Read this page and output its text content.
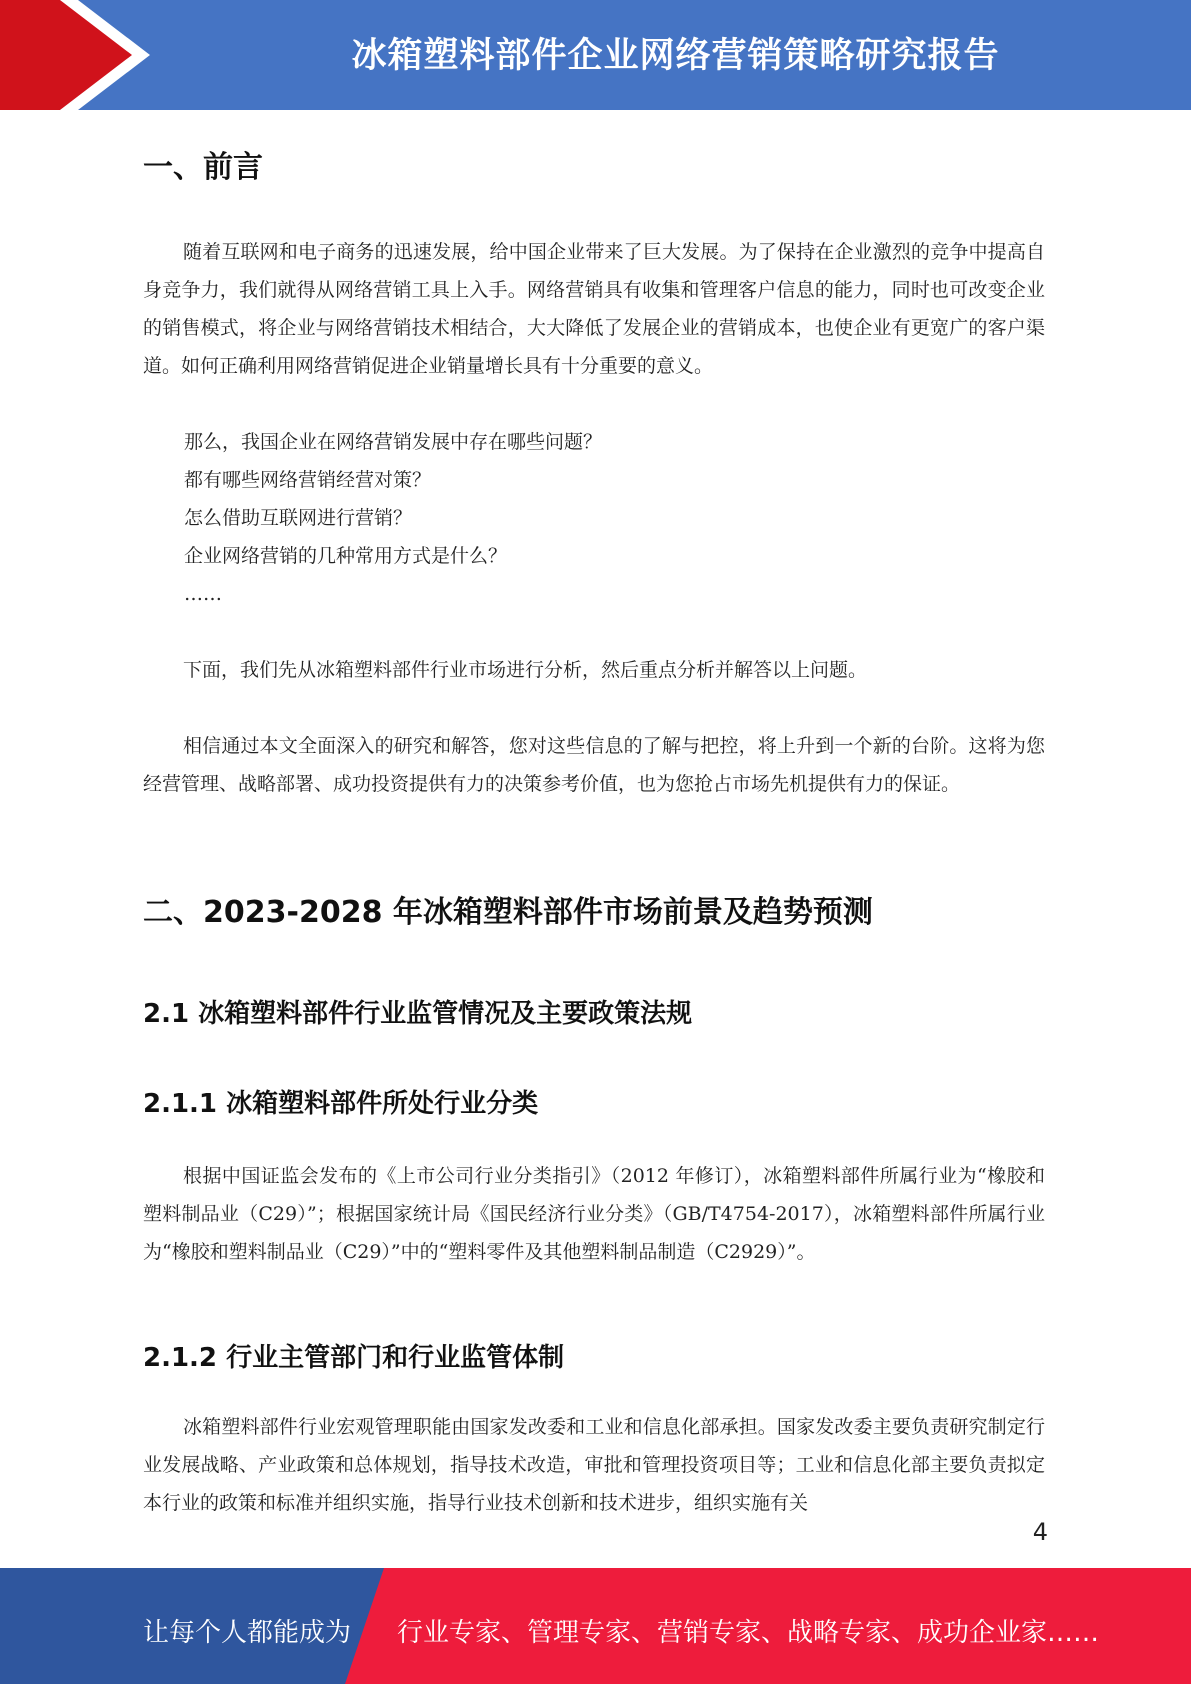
冰箱塑料部件企业网络营销策略研究报告
一、前言

随着互联网和电子商务的迅速发展，给中国企业带来了巨大发展。为了保持在企业激烈的竞争中提高自身竞争力，我们就得从网络营销工具上入手。网络营销具有收集和管理客户信息的能力，同时也可改变企业的销售模式，将企业与网络营销技术相结合，大大降低了发展企业的营销成本，也使企业有更宽广的客户渠道。如何正确利用网络营销促进企业销量增长具有十分重要的意义。

那么，我国企业在网络营销发展中存在哪些问题？
都有哪些网络营销经营对策？
怎么借助互联网进行营销？
企业网络营销的几种常用方式是什么？
……

下面，我们先从冰箱塑料部件行业市场进行分析，然后重点分析并解答以上问题。

相信通过本文全面深入的研究和解答，您对这些信息的了解与把控，将上升到一个新的台阶。这将为您经营管理、战略部署、成功投资提供有力的决策参考价值，也为您抢占市场先机提供有力的保证。

二、2023-2028 年冰箱塑料部件市场前景及趋势预测
2.1 冰箱塑料部件行业监管情况及主要政策法规
2.1.1 冰箱塑料部件所处行业分类

根据中国证监会发布的《上市公司行业分类指引》（2012 年修订），冰箱塑料部件所属行业为“橡胶和塑料制品业（C29）”；根据国家统计局《国民经济行业分类》（GB/T4754-2017），冰箱塑料部件所属行业为“橡胶和塑料制品业（C29）”中的“塑料零件及其他塑料制品制造（C2929）”。

2.1.2 行业主管部门和行业监管体制

冰箱塑料部件行业宏观管理职能由国家发改委和工业和信息化部承担。国家发改委主要负责研究制定行业发展战略、产业政策和总体规划，指导技术改造，审批和管理投资项目等；工业和信息化部主要负责拟定本行业的政策和标准并组织实施，指导行业技术创新和技术进步，组织实施有关

4
让每个人都能成为 行业专家、管理专家、营销专家、战略专家、成功企业家……
